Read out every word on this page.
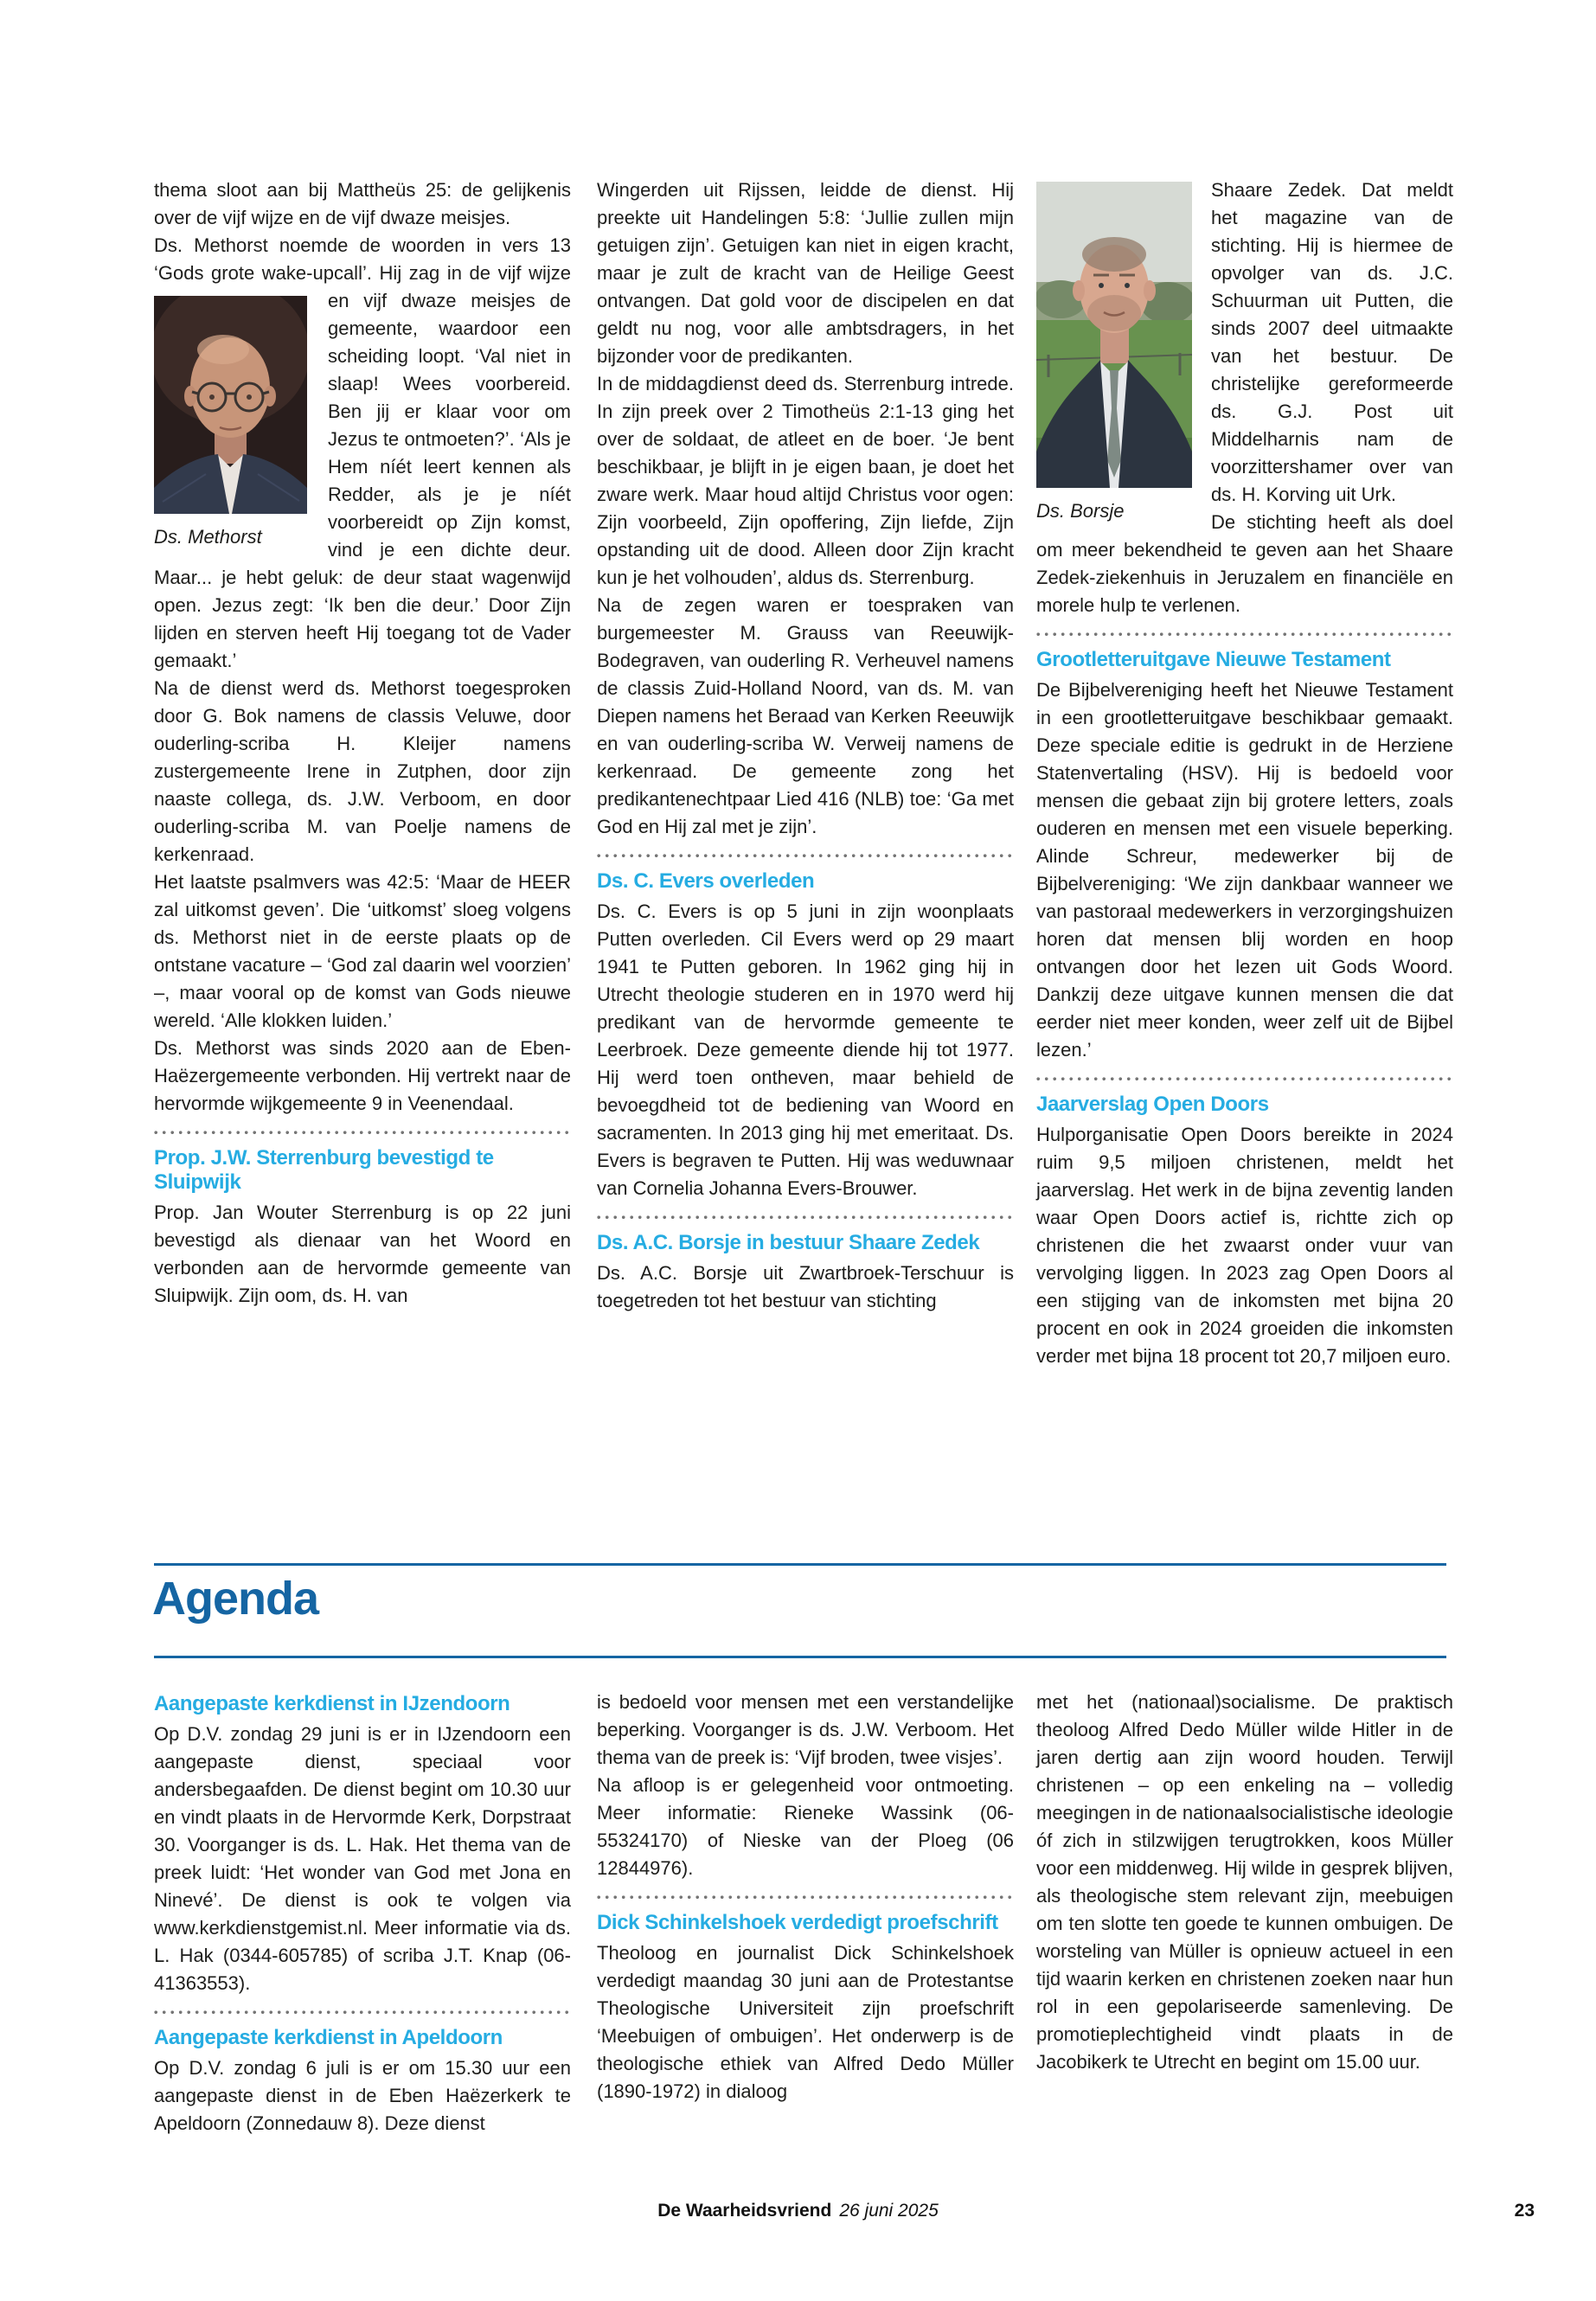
thema sloot aan bij Mattheüs 25: de gelijkenis over de vijf wijze en de vijf dwaze meisjes.

Ds. Methorst noemde de woorden in vers 13 ‘Gods grote wake-upcall’. Hij zag in de
Ds. Methorst
vijf wijze en vijf dwaze meisjes de gemeente, waardoor een scheiding loopt. ‘Val niet in slaap! Wees voorbereid. Ben jij er klaar voor om Jezus te ontmoeten?’. ‘Als je Hem níét leert kennen als Redder, als je je níét voorbereidt op Zijn komst, vind je een dichte deur. Maar... je hebt geluk: de deur staat wagenwijd open. Jezus zegt: ‘Ik ben die deur.’ Door Zijn lijden en sterven heeft Hij toegang tot de Vader gemaakt.’

Na de dienst werd ds. Methorst toegesproken door G. Bok namens de classis Veluwe, door ouderling-scriba H. Kleijer namens zustergemeente Irene in Zutphen, door zijn naaste collega, ds. J.W. Verboom, en door ouderling-scriba M. van Poelje namens de kerkenraad.

Het laatste psalmvers was 42:5: ‘Maar de HEER zal uitkomst geven’. Die ‘uitkomst’ sloeg volgens ds. Methorst niet in de eerste plaats op de ontstane vacature – ‘God zal daarin wel voorzien’ –, maar vooral op de komst van Gods nieuwe wereld. ‘Alle klokken luiden.’

Ds. Methorst was sinds 2020 aan de Eben-Haëzergemeente verbonden. Hij vertrekt naar de hervormde wijkgemeente 9 in Veenendaal.

Prop. J.W. Sterrenburg bevestigd te Sluipwijk

Prop. Jan Wouter Sterrenburg is op 22 juni bevestigd als dienaar van het Woord en verbonden aan de hervormde gemeente van Sluipwijk. Zijn oom, ds. H. van

Wingerden uit Rijssen, leidde de dienst. Hij preekte uit Handelingen 5:8: ‘Jullie zullen mijn getuigen zijn’. Getuigen kan niet in eigen kracht, maar je zult de kracht van de Heilige Geest ontvangen. Dat gold voor de discipelen en dat geldt nu nog, voor alle ambtsdragers, in het bijzonder voor de predikanten.

In de middagdienst deed ds. Sterrenburg intrede. In zijn preek over 2 Timotheüs 2:1-13 ging het over de soldaat, de atleet en de boer. ‘Je bent beschikbaar, je blijft in je eigen baan, je doet het zware werk. Maar houd altijd Christus voor ogen: Zijn voorbeeld, Zijn opoffering, Zijn liefde, Zijn opstanding uit de dood. Alleen door Zijn kracht kun je het volhouden’, aldus ds. Sterrenburg.

Na de zegen waren er toespraken van burgemeester M. Grauss van Reeuwijk-Bodegraven, van ouderling R. Verheuvel namens de classis Zuid-Holland Noord, van ds. M. van Diepen namens het Beraad van Kerken Reeuwijk en van ouderling-scriba W. Verweij namens de kerkenraad. De gemeente zong het predikantenechtpaar Lied 416 (NLB) toe: ‘Ga met God en Hij zal met je zijn’.

Ds. C. Evers overleden

Ds. C. Evers is op 5 juni in zijn woonplaats Putten overleden. Cil Evers werd op 29 maart 1941 te Putten geboren. In 1962 ging hij in Utrecht theologie studeren en in 1970 werd hij predikant van de hervormde gemeente te Leerbroek. Deze gemeente diende hij tot 1977. Hij werd toen ontheven, maar behield de bevoegdheid tot de bediening van Woord en sacramenten. In 2013 ging hij met emeritaat. Ds. Evers is begraven te Putten. Hij was weduwnaar van Cornelia Johanna Evers-Brouwer.

Ds. A.C. Borsje in bestuur Shaare Zedek

Ds. A.C. Borsje uit Zwartbroek-Terschuur is toegetreden tot het bestuur van stichting

Ds. Borsje
Shaare Zedek. Dat meldt het magazine van de stichting. Hij is hiermee de opvolger van ds. J.C. Schuurman uit Putten, die sinds 2007 deel uitmaakte van het bestuur. De christelijke gereformeerde ds. G.J. Post uit Middelharnis nam de voorzittershamer over van ds. H. Korving uit Urk.

De stichting heeft als doel om meer bekendheid te geven aan het Shaare Zedek-ziekenhuis in Jeruzalem en financiële en morele hulp te verlenen.

Grootletteruitgave Nieuwe Testament

De Bijbelvereniging heeft het Nieuwe Testament in een grootletteruitgave beschikbaar gemaakt. Deze speciale editie is gedrukt in de Herziene Statenvertaling (HSV). Hij is bedoeld voor mensen die gebaat zijn bij grotere letters, zoals ouderen en mensen met een visuele beperking. Alinde Schreur, medewerker bij de Bijbelvereniging: ‘We zijn dankbaar wanneer we van pastoraal medewerkers in verzorgingshuizen horen dat mensen blij worden en hoop ontvangen door het lezen uit Gods Woord. Dankzij deze uitgave kunnen mensen die dat eerder niet meer konden, weer zelf uit de Bijbel lezen.’

Jaarverslag Open Doors

Hulporganisatie Open Doors bereikte in 2024 ruim 9,5 miljoen christenen, meldt het jaarverslag. Het werk in de bijna zeventig landen waar Open Doors actief is, richtte zich op christenen die het zwaarst onder vuur van vervolging liggen. In 2023 zag Open Doors al een stijging van de inkomsten met bijna 20 procent en ook in 2024 groeiden die inkomsten verder met bijna 18 procent tot 20,7 miljoen euro.

Agenda
Aangepaste kerkdienst in IJzendoorn

Op D.V. zondag 29 juni is er in IJzendoorn een aangepaste dienst, speciaal voor andersbegaafden. De dienst begint om 10.30 uur en vindt plaats in de Hervormde Kerk, Dorpstraat 30. Voorganger is ds. L. Hak. Het thema van de preek luidt: ‘Het wonder van God met Jona en Ninevé’. De dienst is ook te volgen via www.kerkdienstgemist.nl. Meer informatie via ds. L. Hak (0344-605785) of scriba J.T. Knap (06-41363553).

Aangepaste kerkdienst in Apeldoorn

Op D.V. zondag 6 juli is er om 15.30 uur een aangepaste dienst in de Eben Haëzerkerk te Apeldoorn (Zonnedauw 8). Deze dienst

is bedoeld voor mensen met een verstandelijke beperking. Voorganger is ds. J.W. Verboom. Het thema van de preek is: ‘Vijf broden, twee visjes’.

Na afloop is er gelegenheid voor ontmoeting. Meer informatie: Rieneke Wassink (06-55324170) of Nieske van der Ploeg (06 12844976).

Dick Schinkelshoek verdedigt proefschrift

Theoloog en journalist Dick Schinkelshoek verdedigt maandag 30 juni aan de Protestantse Theologische Universiteit zijn proefschrift ‘Meebuigen of ombuigen’. Het onderwerp is de theologische ethiek van Alfred Dedo Müller (1890-1972) in dialoog

met het (nationaal)socialisme. De praktisch theoloog Alfred Dedo Müller wilde Hitler in de jaren dertig aan zijn woord houden. Terwijl christenen – op een enkeling na – volledig meegingen in de nationaalsocialistische ideologie óf zich in stilzwijgen terugtrokken, koos Müller voor een middenweg. Hij wilde in gesprek blijven, als theologische stem relevant zijn, meebuigen om ten slotte ten goede te kunnen ombuigen. De worsteling van Müller is opnieuw actueel in een tijd waarin kerken en christenen zoeken naar hun rol in een gepolariseerde samenleving. De promotieplechtigheid vindt plaats in de Jacobikerk te Utrecht en begint om 15.00 uur.

De Waarheidsvriend 26 juni 2025	23
